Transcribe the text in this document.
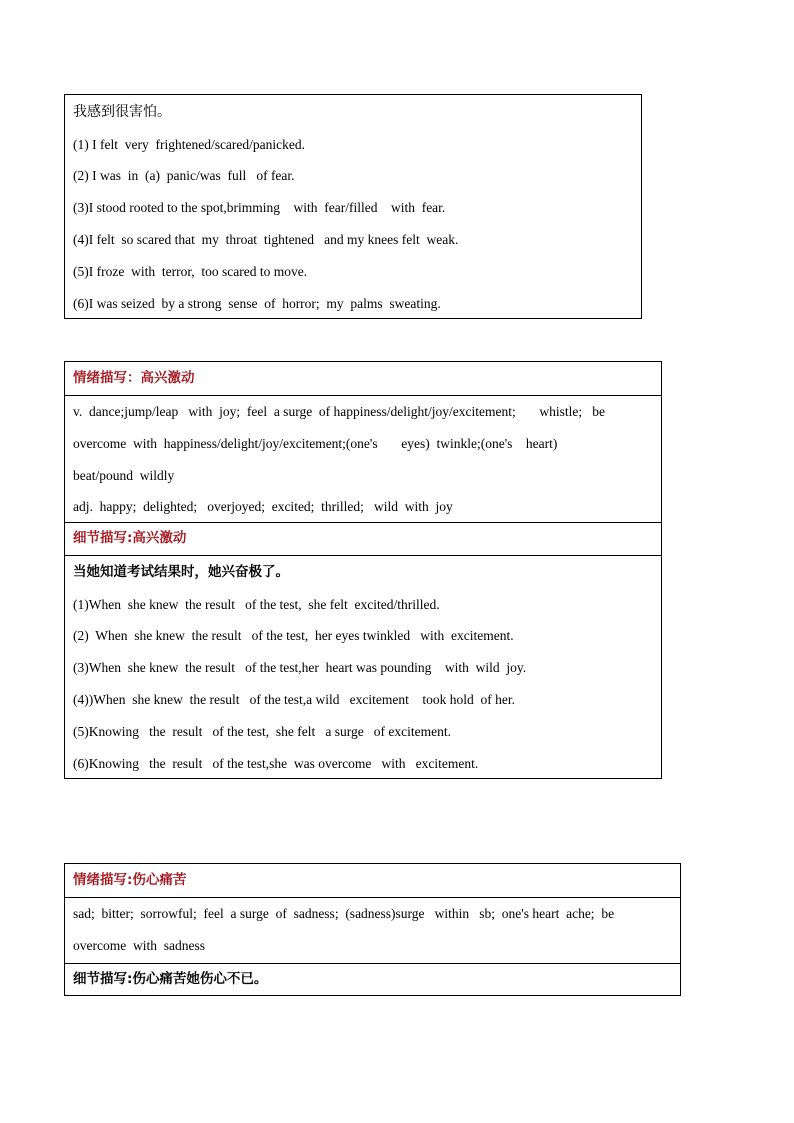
我感到很害怕。
(1) I felt  very  frightened/scared/panicked.
(2) I was  in  (a)  panic/was  full   of fear.
(3)I stood rooted to the spot,brimming    with  fear/filled    with  fear.
(4)I felt  so scared that  my  throat  tightened   and my knees felt  weak.
(5)I froze  with  terror,  too scared to move.
(6)I was seized  by a strong  sense  of  horror;  my  palms  sweating.
情绪描写：高兴激动
v.  dance;jump/leap   with  joy;  feel  a surge  of happiness/delight/joy/excitement;       whistle;   be
overcome  with  happiness/delight/joy/excitement;(one's       eyes)  twinkle;(one's    heart)
beat/pound  wildly
adj.  happy;  delighted;   overjoyed;  excited;  thrilled;   wild  with  joy
细节描写:高兴激动
当她知道考试结果时，她兴奋极了。
(1)When  she knew  the result   of the test,  she felt  excited/thrilled.
(2)  When  she knew  the result   of the test,  her eyes twinkled   with  excitement.
(3)When  she knew  the result   of the test,her  heart was pounding    with  wild  joy.
(4))When  she knew  the result   of the test,a wild   excitement    took hold  of her.
(5)Knowing   the  result   of the test,  she felt   a surge   of excitement.
(6)Knowing   the  result   of the test,she  was overcome   with   excitement.
情绪描写:伤心痛苦
sad;  bitter;  sorrowful;  feel  a surge  of  sadness;  (sadness)surge   within   sb;  one's heart  ache;  be
overcome  with  sadness
细节描写:伤心痛苦她伤心不已。
